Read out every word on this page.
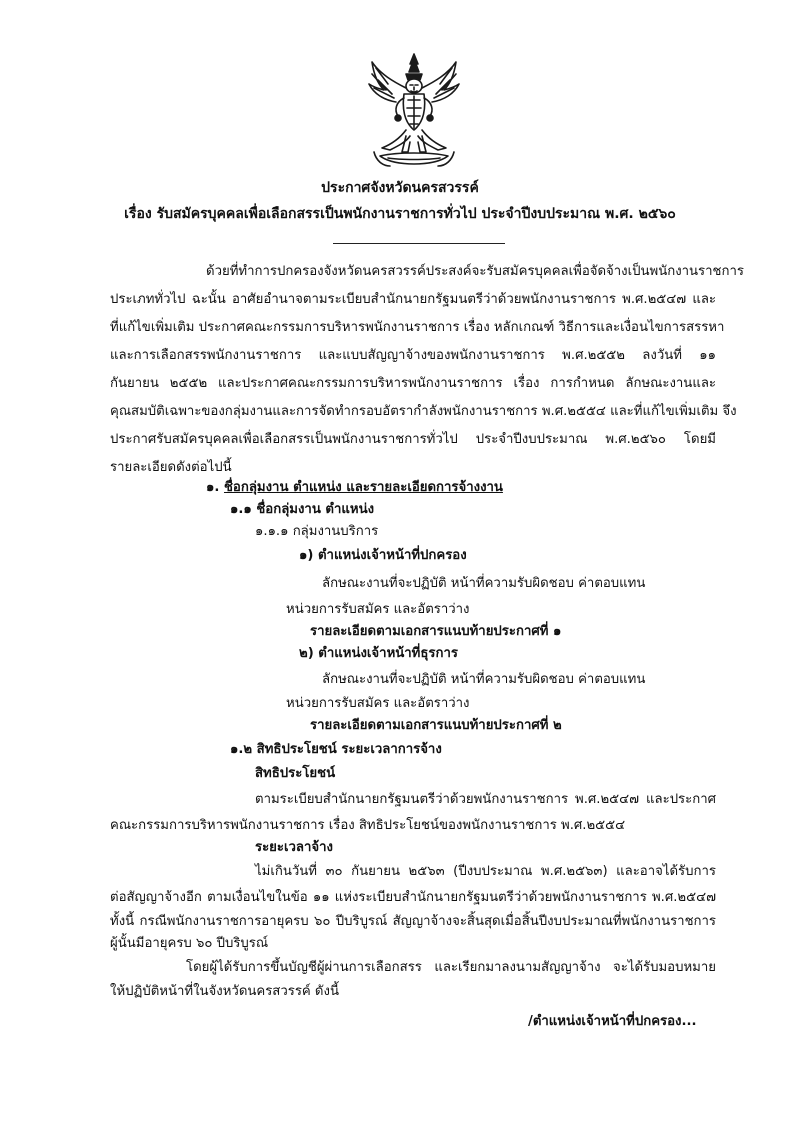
ประกาศจังหวัดนครสวรรค์
เรื่อง รับสมัครบุคคลเพื่อเลือกสรรเป็นพนักงานราชการทั่วไป ประจำปีงบประมาณ พ.ศ. ๒๕๖๐
ด้วยที่ทำการปกครองจังหวัดนครสวรรค์ประสงค์จะรับสมัครบุคคลเพื่อจัดจ้างเป็นพนักงานราชการ
ประเภททั่วไป ฉะนั้น อาศัยอำนาจตามระเบียบสำนักนายกรัฐมนตรีว่าด้วยพนักงานราชการ พ.ศ.๒๕๔๗ และ
ที่แก้ไขเพิ่มเติม ประกาศคณะกรรมการบริหารพนักงานราชการ เรื่อง หลักเกณฑ์ วิธีการและเงื่อนไขการสรรหา
และการเลือกสรรพนักงานราชการ และแบบสัญญาจ้างของพนักงานราชการ พ.ศ.๒๕๕๒ ลงวันที่ ๑๑
กันยายน ๒๕๕๒ และประกาศคณะกรรมการบริหารพนักงานราชการ เรื่อง การกำหนด ลักษณะงานและ
คุณสมบัติเฉพาะของกลุ่มงานและการจัดทำกรอบอัตรากำลังพนักงานราชการ พ.ศ.๒๕๕๔ และที่แก้ไขเพิ่มเติม จึง
ประกาศรับสมัครบุคคลเพื่อเลือกสรรเป็นพนักงานราชการทั่วไป ประจำปีงบประมาณ พ.ศ.๒๕๖๐ โดยมี
รายละเอียดดังต่อไปนี้
๑. ชื่อกลุ่มงาน ตำแหน่ง และรายละเอียดการจ้างงาน
๑.๑ ชื่อกลุ่มงาน ตำแหน่ง
๑.๑.๑ กลุ่มงานบริการ
๑) ตำแหน่งเจ้าหน้าที่ปกครอง
ลักษณะงานที่จะปฏิบัติ หน้าที่ความรับผิดชอบ ค่าตอบแทน
หน่วยการรับสมัคร และอัตราว่าง
รายละเอียดตามเอกสารแนบท้ายประกาศที่ ๑
๒) ตำแหน่งเจ้าหน้าที่ธุรการ
ลักษณะงานที่จะปฏิบัติ หน้าที่ความรับผิดชอบ ค่าตอบแทน
หน่วยการรับสมัคร และอัตราว่าง
รายละเอียดตามเอกสารแนบท้ายประกาศที่ ๒
๑.๒ สิทธิประโยชน์ ระยะเวลาการจ้าง
สิทธิประโยชน์
ตามระเบียบสำนักนายกรัฐมนตรีว่าด้วยพนักงานราชการ พ.ศ.๒๕๔๗ และประกาศ
คณะกรรมการบริหารพนักงานราชการ เรื่อง สิทธิประโยชน์ของพนักงานราชการ พ.ศ.๒๕๕๔
ระยะเวลาจ้าง
ไม่เกินวันที่ ๓๐ กันยายน ๒๕๖๓ (ปีงบประมาณ พ.ศ.๒๕๖๓) และอาจได้รับการ
ต่อสัญญาจ้างอีก ตามเงื่อนไขในข้อ ๑๑ แห่งระเบียบสำนักนายกรัฐมนตรีว่าด้วยพนักงานราชการ พ.ศ.๒๕๔๗
ทั้งนี้ กรณีพนักงานราชการอายุครบ ๖๐ ปีบริบูรณ์ สัญญาจ้างจะสิ้นสุดเมื่อสิ้นปีงบประมาณที่พนักงานราชการ
ผู้นั้นมีอายุครบ ๖๐ ปีบริบูรณ์
โดยผู้ได้รับการขึ้นบัญชีผู้ผ่านการเลือกสรร และเรียกมาลงนามสัญญาจ้าง จะได้รับมอบหมาย
ให้ปฏิบัติหน้าที่ในจังหวัดนครสวรรค์ ดังนี้
/ตำแหน่งเจ้าหน้าที่ปกครอง...
